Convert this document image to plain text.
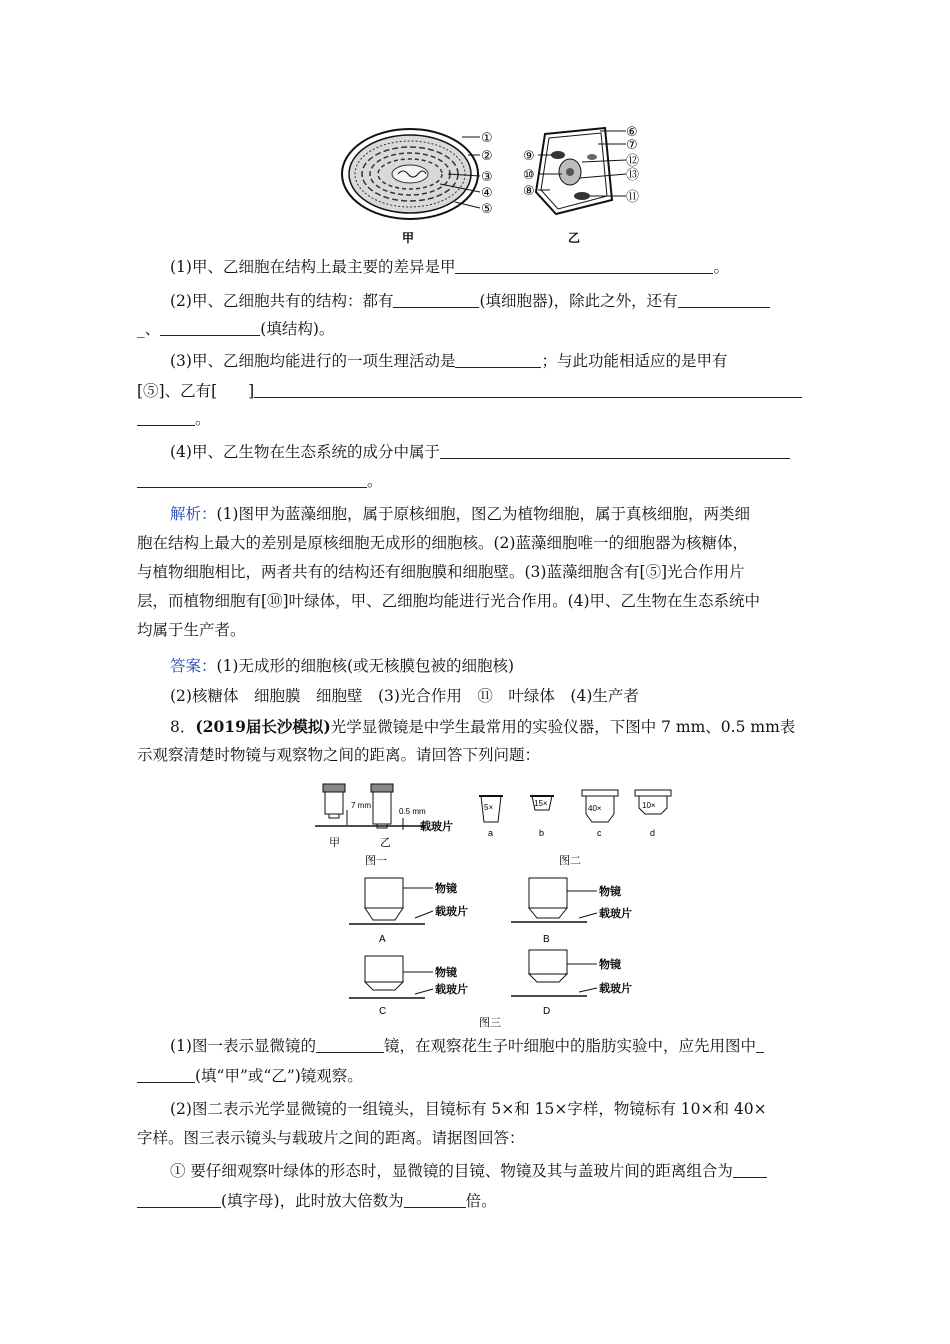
①
②
③
④
⑤
甲
⑥
⑦
⑨	⑫
⑩	⑬
⑧	⑪
乙
(1)甲、乙细胞在结构上最主要的差异是甲	。
(2)甲、乙细胞共有的结构：都有	(填细胞器)，除此之外，还有
_、	(填结构)。
(3)甲、乙细胞均能进行的一项生理活动是	；与此功能相适应的是甲有
[⑤]、乙有[　　]
。
(4)甲、乙生物在生态系统的成分中属于
。
解析：(1)图甲为蓝藻细胞，属于原核细胞，图乙为植物细胞，属于真核细胞，两类细
胞在结构上最大的差别是原核细胞无成形的细胞核。(2)蓝藻细胞唯一的细胞器为核糖体，
与植物细胞相比，两者共有的结构还有细胞膜和细胞壁。(3)蓝藻细胞含有[⑤]光合作用片
层，而植物细胞有[⑩]叶绿体，甲、乙细胞均能进行光合作用。(4)甲、乙生物在生态系统中
均属于生产者。
答案：(1)无成形的细胞核(或无核膜包被的细胞核)
(2)核糖体　细胞膜　细胞壁　(3)光合作用　⑪　叶绿体　(4)生产者
8．(2019届长沙模拟)光学显微镜是中学生最常用的实验仪器，下图中 7 mm、0.5 mm表
示观察清楚时物镜与观察物之间的距离。请回答下列问题：
7 mm
0.5 mm
载玻片
甲	乙
图一
5×
a
15×
b
40×
c
10×
d
图二
物镜
载玻片
A
物镜
载玻片
B
物镜
载玻片
C
物镜
载玻片
D
图三
(1)图一表示显微镜的	镜，在观察花生子叶细胞中的脂肪实验中，应先用图中
(填“甲”或“乙”)镜观察。
(2)图二表示光学显微镜的一组镜头，目镜标有 5×和 15×字样，物镜标有 10×和 40×
字样。图三表示镜头与载玻片之间的距离。请据图回答：
① 要仔细观察叶绿体的形态时，显微镜的目镜、物镜及其与盖玻片间的距离组合为
(填字母)，此时放大倍数为	倍。
